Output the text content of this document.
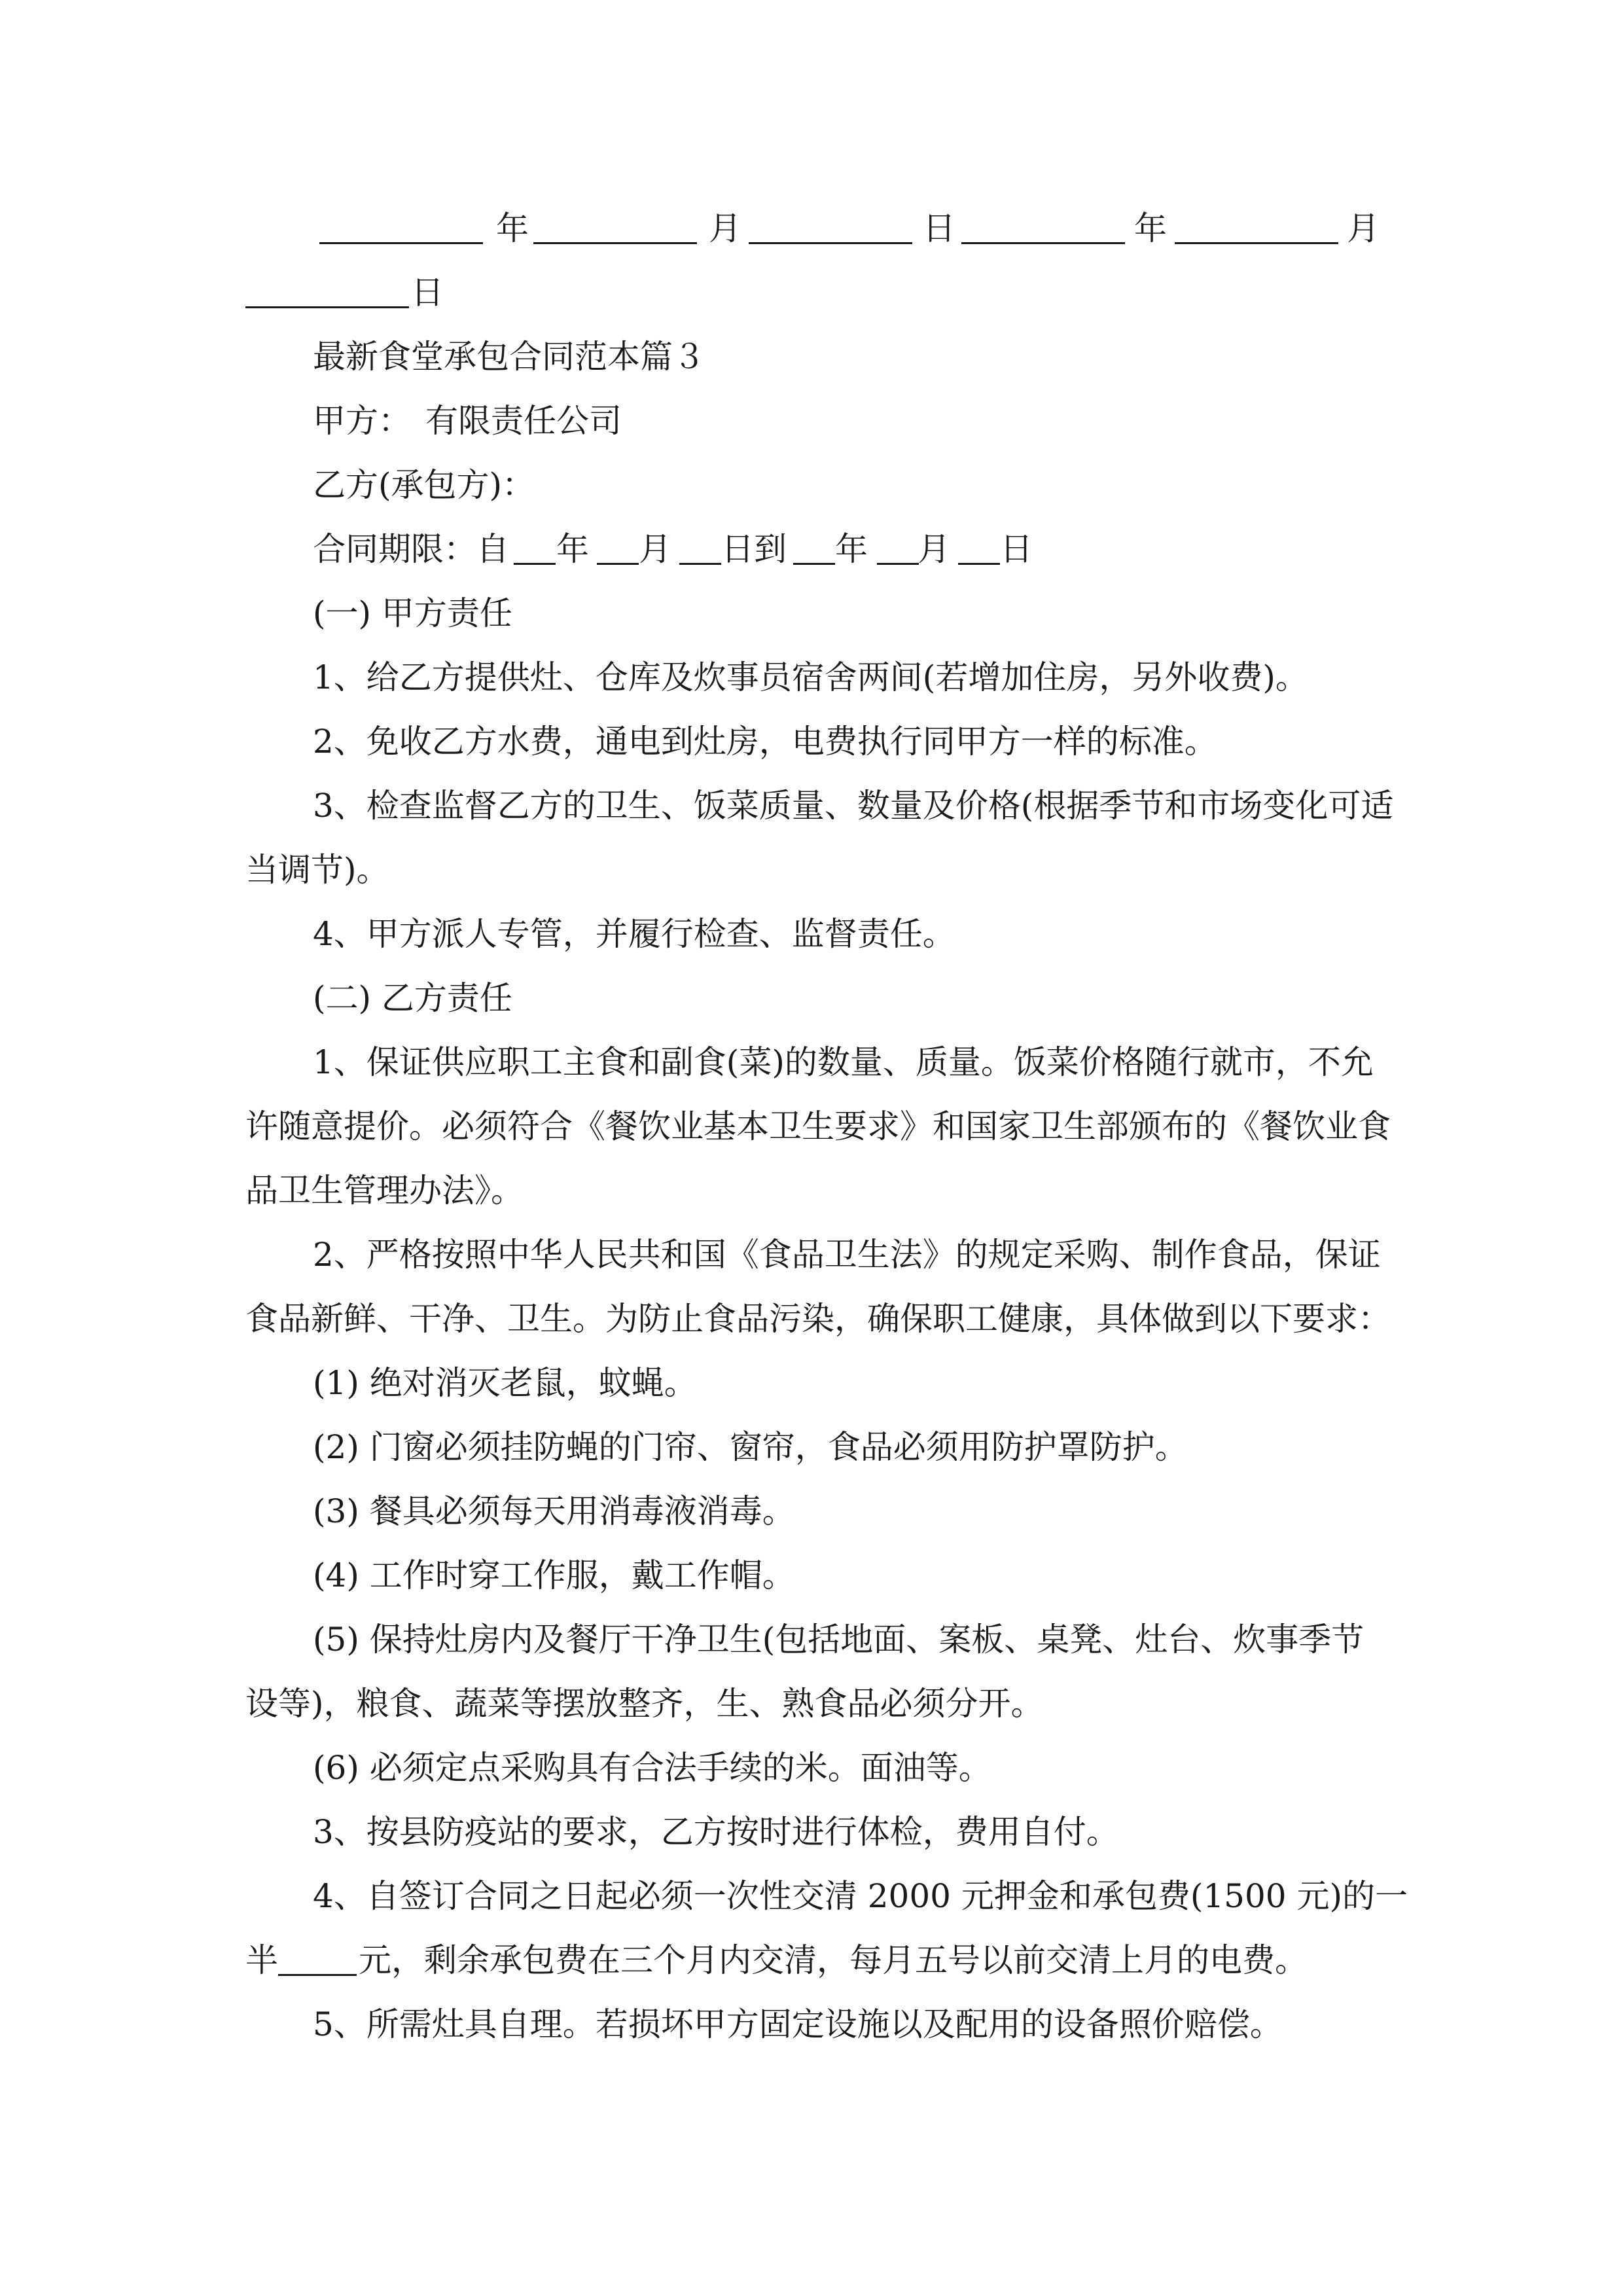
年	月	日	年	月
日
最新食堂承包合同范本篇３
甲方： 有限责任公司
乙方(承包方)：
合同期限：自 年 月 日到 年 月 日
(一) 甲方责任
1、给乙方提供灶、仓库及炊事员宿舍两间(若增加住房，另外收费)。
2、免收乙方水费，通电到灶房，电费执行同甲方一样的标准。
3、检查监督乙方的卫生、饭菜质量、数量及价格(根据季节和市场变化可适
当调节)。
4、甲方派人专管，并履行检查、监督责任。
(二) 乙方责任
1、保证供应职工主食和副食(菜)的数量、质量。饭菜价格随行就市，不允
许随意提价。必须符合《餐饮业基本卫生要求》和国家卫生部颁布的《餐饮业食
品卫生管理办法》。
2、严格按照中华人民共和国《食品卫生法》的规定采购、制作食品，保证
食品新鲜、干净、卫生。为防止食品污染，确保职工健康，具体做到以下要求：
(1) 绝对消灭老鼠，蚊蝇。
(2) 门窗必须挂防蝇的门帘、窗帘，食品必须用防护罩防护。
(3) 餐具必须每天用消毒液消毒。
(4) 工作时穿工作服，戴工作帽。
(5) 保持灶房内及餐厅干净卫生(包括地面、案板、桌凳、灶台、炊事季节
设等)，粮食、蔬菜等摆放整齐，生、熟食品必须分开。
(6) 必须定点采购具有合法手续的米。面油等。
3、按县防疫站的要求，乙方按时进行体检，费用自付。
4、自签订合同之日起必须一次性交清 2000 元押金和承包费(1500 元)的一
半 元，剩余承包费在三个月内交清，每月五号以前交清上月的电费。
5、所需灶具自理。若损坏甲方固定设施以及配用的设备照价赔偿。
